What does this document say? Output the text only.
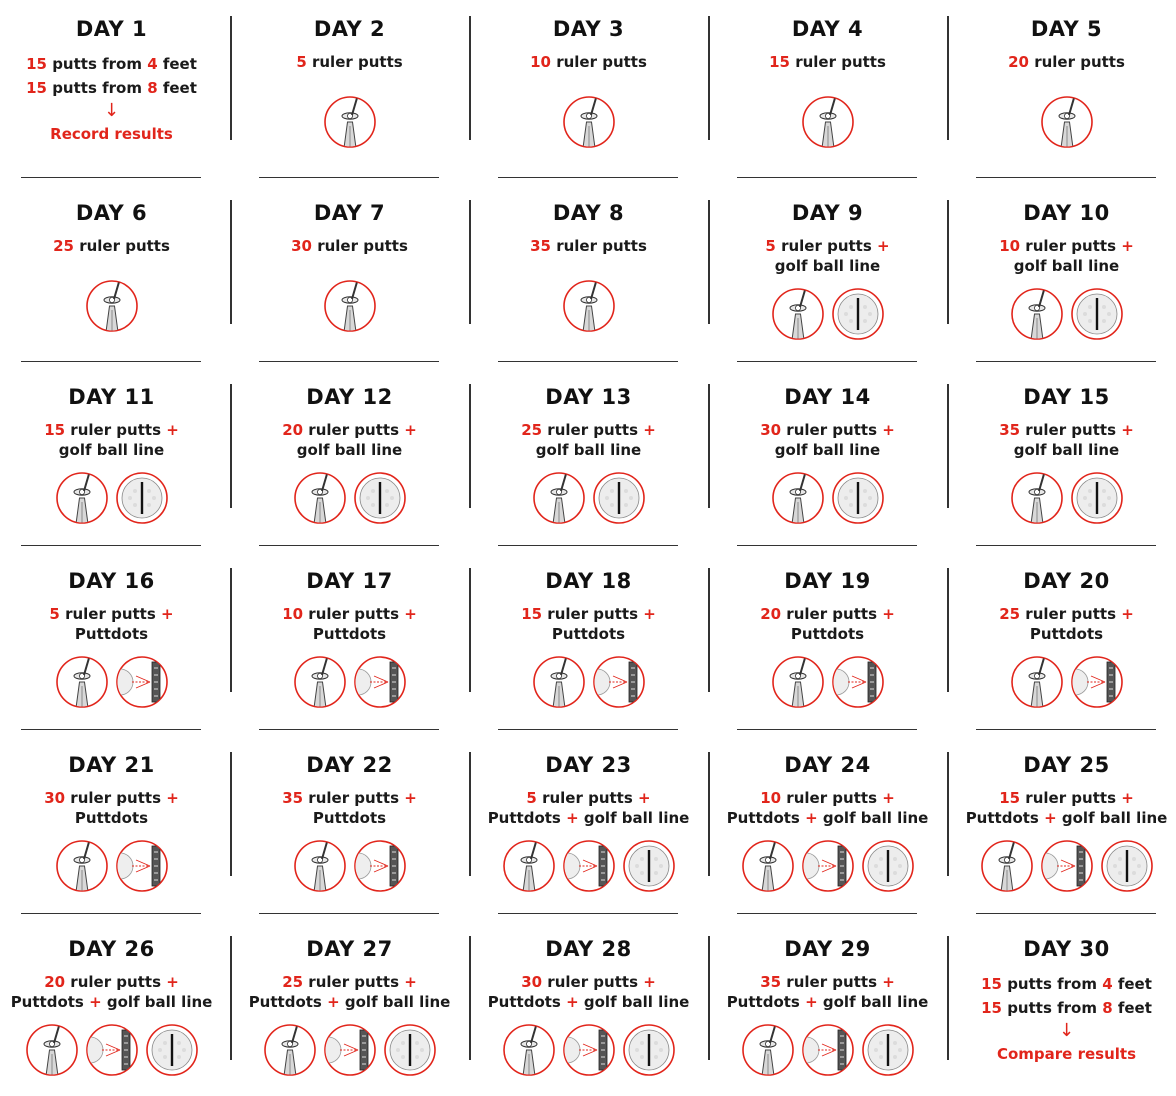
DAY 1
15 putts from 4 feet
15 putts from 8 feet
↓
Record results
DAY 2
5 ruler putts
DAY 3
10 ruler putts
DAY 4
15 ruler putts
DAY 5
20 ruler putts
DAY 6
25 ruler putts
DAY 7
30 ruler putts
DAY 8
35 ruler putts
DAY 9
5 ruler putts +
golf ball line
DAY 10
10 ruler putts +
golf ball line
DAY 11
15 ruler putts +
golf ball line
DAY 12
20 ruler putts +
golf ball line
DAY 13
25 ruler putts +
golf ball line
DAY 14
30 ruler putts +
golf ball line
DAY 15
35 ruler putts +
golf ball line
DAY 16
5 ruler putts +
Puttdots
DAY 17
10 ruler putts +
Puttdots
DAY 18
15 ruler putts +
Puttdots
DAY 19
20 ruler putts +
Puttdots
DAY 20
25 ruler putts +
Puttdots
DAY 21
30 ruler putts +
Puttdots
DAY 22
35 ruler putts +
Puttdots
DAY 23
5 ruler putts +
Puttdots + golf ball line
DAY 24
10 ruler putts +
Puttdots + golf ball line
DAY 25
15 ruler putts +
Puttdots + golf ball line
DAY 26
20 ruler putts +
Puttdots + golf ball line
DAY 27
25 ruler putts +
Puttdots + golf ball line
DAY 28
30 ruler putts +
Puttdots + golf ball line
DAY 29
35 ruler putts +
Puttdots + golf ball line
DAY 30
15 putts from 4 feet
15 putts from 8 feet
↓
Compare results
